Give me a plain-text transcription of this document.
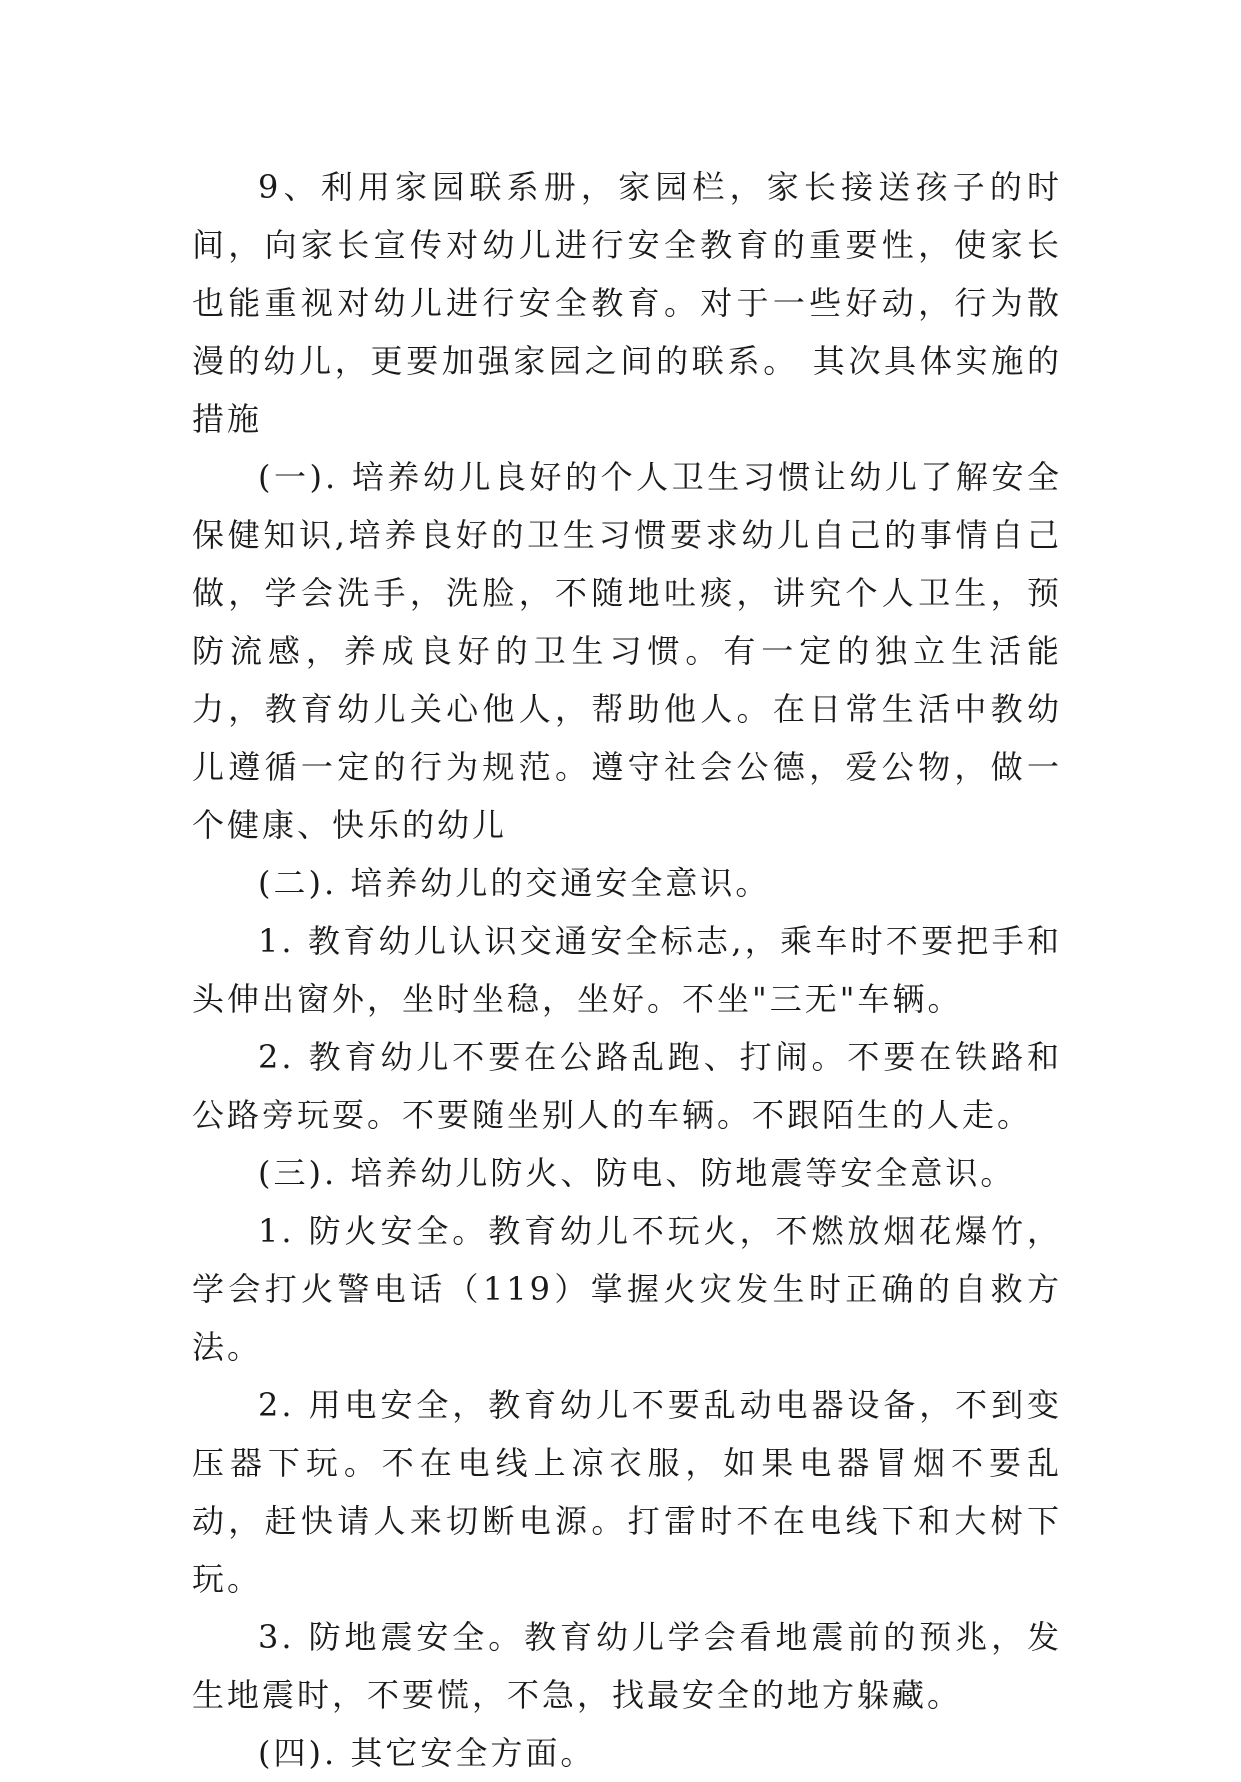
9、利用家园联系册，家园栏，家长接送孩子的时间，向家长宣传对幼儿进行安全教育的重要性，使家长也能重视对幼儿进行安全教育。对于一些好动，行为散漫的幼儿，更要加强家园之间的联系。 其次具体实施的措施

(一). 培养幼儿良好的个人卫生习惯让幼儿了解安全保健知识,培养良好的卫生习惯要求幼儿自己的事情自己做，学会洗手，洗脸，不随地吐痰，讲究个人卫生，预防流感，养成良好的卫生习惯。有一定的独立生活能力，教育幼儿关心他人，帮助他人。在日常生活中教幼儿遵循一定的行为规范。遵守社会公德，爱公物，做一个健康、快乐的幼儿

(二). 培养幼儿的交通安全意识。

1. 教育幼儿认识交通安全标志,，乘车时不要把手和头伸出窗外，坐时坐稳，坐好。不坐"三无"车辆。

2. 教育幼儿不要在公路乱跑、打闹。不要在铁路和公路旁玩耍。不要随坐别人的车辆。不跟陌生的人走。

(三). 培养幼儿防火、防电、防地震等安全意识。

1. 防火安全。教育幼儿不玩火，不燃放烟花爆竹，学会打火警电话（119）掌握火灾发生时正确的自救方法。

2. 用电安全，教育幼儿不要乱动电器设备，不到变压器下玩。不在电线上凉衣服，如果电器冒烟不要乱动，赶快请人来切断电源。打雷时不在电线下和大树下玩。

3. 防地震安全。教育幼儿学会看地震前的预兆，发生地震时，不要慌，不急，找最安全的地方躲藏。

(四). 其它安全方面。
